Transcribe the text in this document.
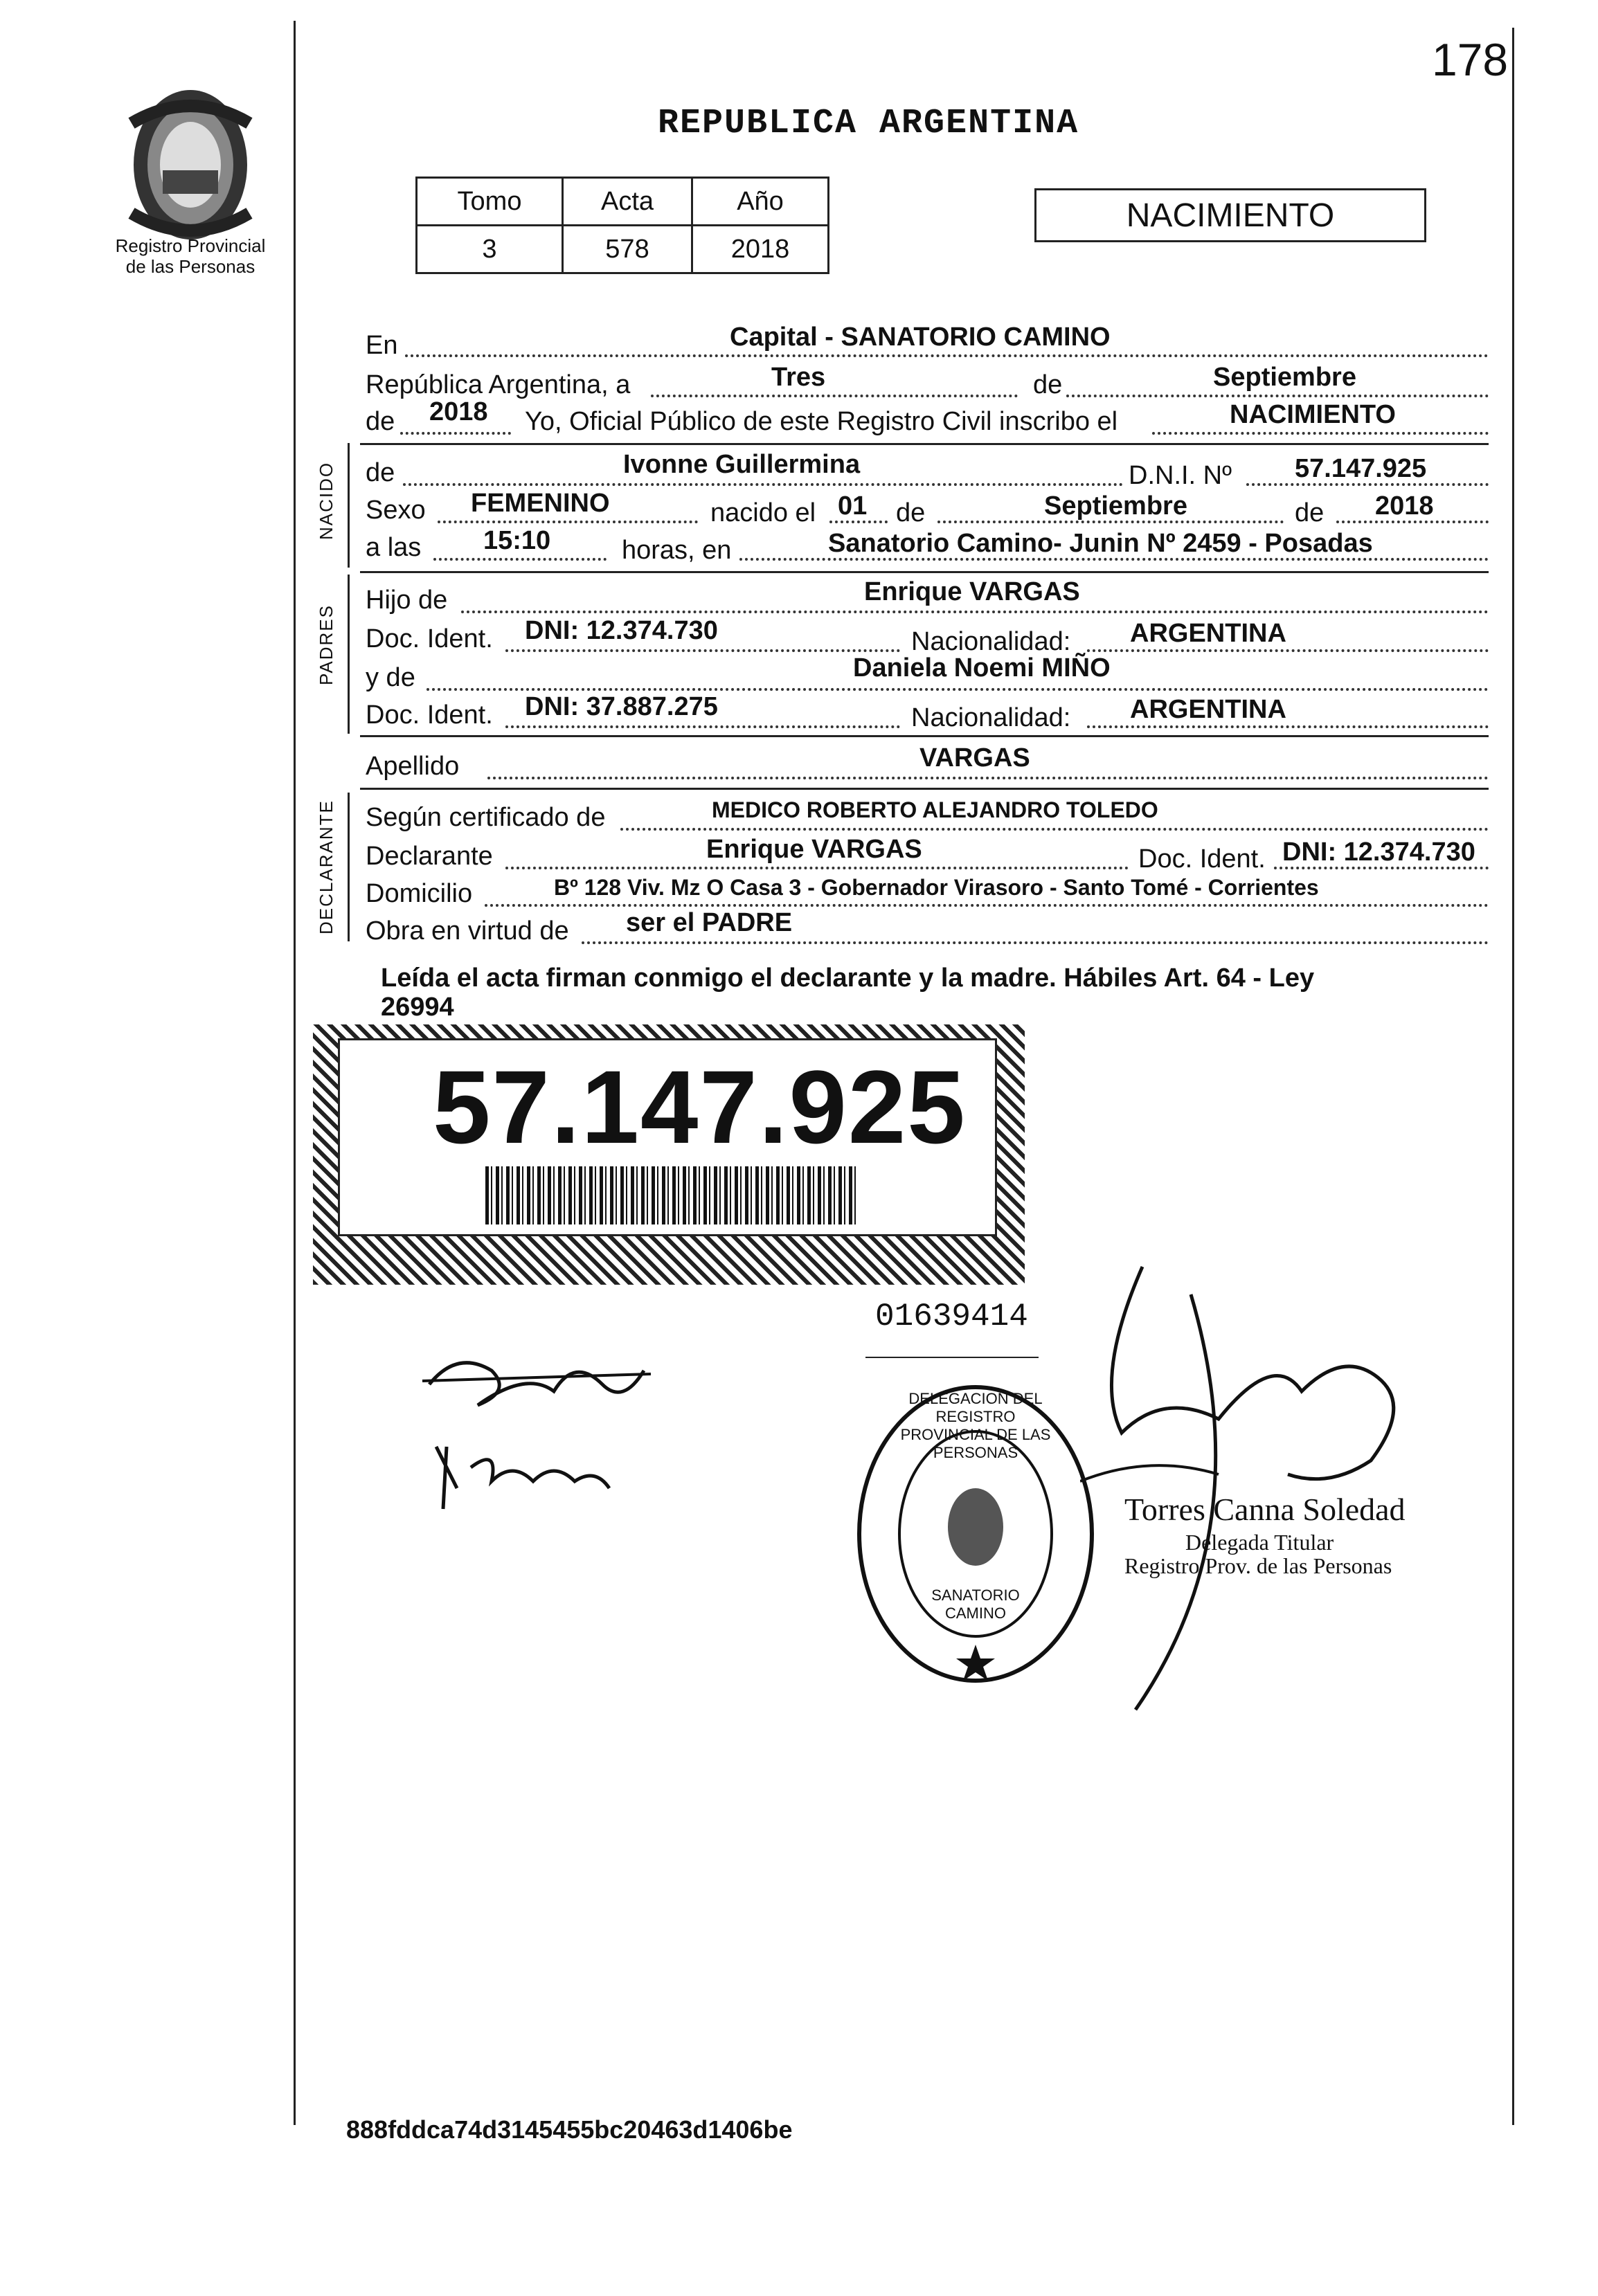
178
Registro Provincial
de las Personas
REPUBLICA ARGENTINA
Tomo	Acta	Año
3	578	2018
NACIMIENTO
NACIDO
PADRES
DECLARANTE
En	Capital - SANATORIO CAMINO
República Argentina, a	Tres	de	Septiembre
de 2018 Yo, Oficial Público de este Registro Civil inscribo el	NACIMIENTO
de	Ivonne Guillermina	D.N.I. Nº 57.147.925
Sexo FEMENINO	nacido el 01 de	Septiembre	de 2018
a las 15:10	horas, en	Sanatorio Camino- Junin Nº 2459 - Posadas
Hijo de	Enrique VARGAS
Doc. Ident. DNI: 12.374.730	Nacionalidad: ARGENTINA
y de	Daniela Noemi MIÑO
Doc. Ident. DNI: 37.887.275	Nacionalidad: ARGENTINA
Apellido	VARGAS
Según certificado de	MEDICO ROBERTO ALEJANDRO TOLEDO
Declarante	Enrique VARGAS	Doc. Ident. DNI: 12.374.730
Domicilio	Bº 128 Viv. Mz O Casa 3 - Gobernador Virasoro - Santo Tomé - Corrientes
Obra en virtud de ser el PADRE
Leída el acta firman conmigo el declarante y la madre. Hábiles Art. 64 - Ley
26994
57.147.925
01639414
DELEGACION DEL REGISTRO PROVINCIAL DE LAS PERSONAS
SANATORIO CAMINO
Torres Canna Soledad
Delegada Titular
Registro Prov. de las Personas
888fddca74d3145455bc20463d1406be
